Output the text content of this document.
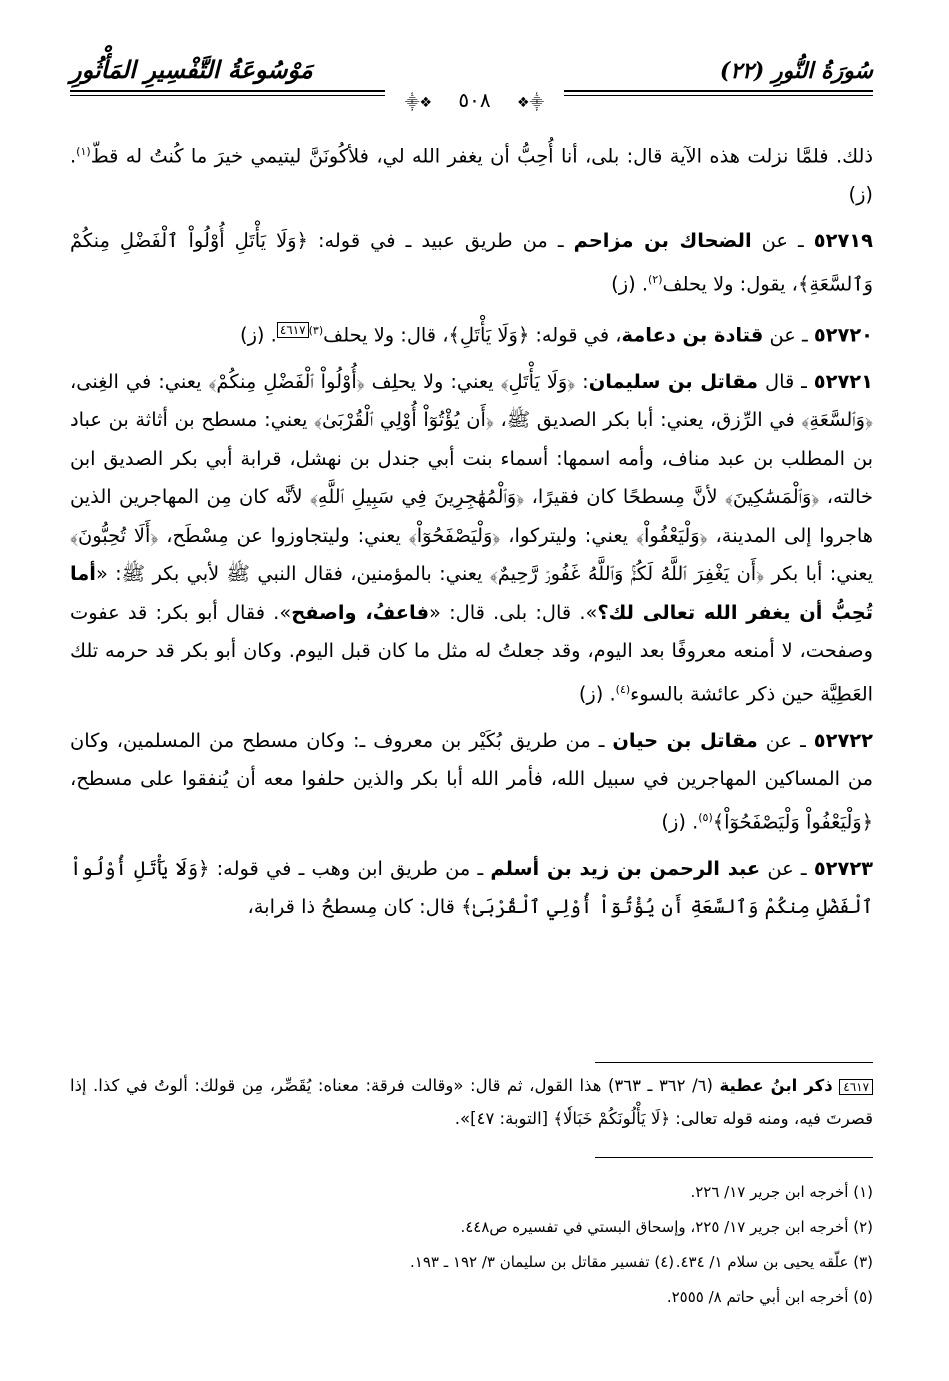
سُورَةُ النُّورِ (٢٢)
مَوْسُوعَةُ التَّفْسِيرِ المَأْثُورِ
⸎❖ ٥٠٨ ❖⸎

ذلك. فلمَّا نزلت هذه الآية قال: بلى، أنا أُحِبُّ أن يغفر الله لي، فلأكُونَنَّ ليتيمي خيرَ ما كُنتُ له قطّ$^{(١)}$. (ز)

٥٢٧١٩ ـ عن الضحاك بن مزاحم ـ من طريق عبيد ـ في قوله: ﴿وَلَا يَأْتَلِ أُوْلُواْ ٱلْفَضْلِ مِنكُمْ وَٱلسَّعَةِ﴾، يقول: ولا يحلف$^{(٢)}$. (ز)

٥٢٧٢٠ ـ عن قتادة بن دعامة، في قوله: ﴿وَلَا يَأْتَلِ﴾، قال: ولا يحلف$^{(٣)٤٦١٧}$. (ز)

٥٢٧٢١ ـ قال مقاتل بن سليمان: ﴿وَلَا يَأْتَلِ﴾ يعني: ولا يحلِف ﴿أُوْلُواْ ٱلْفَضْلِ مِنكُمْ﴾ يعني: في الغِنى، ﴿وَٱلسَّعَةِ﴾ في الرِّزق، يعني: أبا بكر الصديق ﷺ، ﴿أَن يُؤْتُوٓاْ أُوْلِي ٱلْقُرْبَىٰ﴾ يعني: مسطح بن أثاثة بن عباد بن المطلب بن عبد مناف، وأمه اسمها: أسماء بنت أبي جندل بن نهشل، قرابة أبي بكر الصديق ابن خالته، ﴿وَٱلْمَسَٰكِينَ﴾ لأنَّ مِسطحًا كان فقيرًا، ﴿وَٱلْمُهَٰجِرِينَ فِي سَبِيلِ ٱللَّهِ﴾ لأنَّه كان مِن المهاجرين الذين هاجروا إلى المدينة، ﴿وَلْيَعْفُواْ﴾ يعني: وليتركوا، ﴿وَلْيَصْفَحُوٓاْ﴾ يعني: وليتجاوزوا عن مِسْطَح، ﴿أَلَا تُحِبُّونَ﴾ يعني: أبا بكر ﴿أَن يَغْفِرَ ٱللَّهُ لَكُمْۚ وَٱللَّهُ غَفُورٞ رَّحِيمٌ﴾ يعني: بالمؤمنين، فقال النبي ﷺ لأبي بكر ﷺ: «أما تُحِبُّ أن يغفر الله تعالى لك؟». قال: بلى. قال: «فاعفُ، واصفح». فقال أبو بكر: قد عفوت وصفحت، لا أمنعه معروفًا بعد اليوم، وقد جعلتُ له مثل ما كان قبل اليوم. وكان أبو بكر قد حرمه تلك العَطِيَّة حين ذكر عائشة بالسوء$^{(٤)}$. (ز)

٥٢٧٢٢ ـ عن مقاتل بن حيان ـ من طريق بُكَيْر بن معروف ـ: وكان مسطح من المسلمين، وكان من المساكين المهاجرين في سبيل الله، فأمر الله أبا بكر والذين حلفوا معه أن يُنفقوا على مسطح، ﴿وَلْيَعْفُواْ وَلْيَصْفَحُوٓاْ﴾$^{(٥)}$. (ز)

٥٢٧٢٣ ـ عن عبد الرحمن بن زيد بن أسلم ـ من طريق ابن وهب ـ في قوله: ﴿وَلَا يَأْتَلِ أُوْلُواْ ٱلْفَضْلِ مِنكُمْ وَٱلسَّعَةِ أَن يُؤْتُوٓاْ أُوْلِي ٱلْقُرْبَىٰ﴾ قال: كان مِسطحُ ذا قرابة،

٤٦١٧ ذكر ابنُ عطية (٦/ ٣٦٢ ـ ٣٦٣) هذا القول، ثم قال: «وقالت فرقة: معناه: يُقَصِّر، مِن قولك: ألوتُ في كذا. إذا قصرتَ فيه، ومنه قوله تعالى: ﴿لَا يَأْلُونَكُمْ خَبَالٗا﴾ [التوبة: ٤٧]».
(١) أخرجه ابن جرير ١٧/ ٢٢٦.
(٢) أخرجه ابن جرير ١٧/ ٢٢٥، وإسحاق البستي في تفسيره ص٤٤٨.
(٣) علّقه يحيى بن سلام ١/ ٤٣٤.
(٤) تفسير مقاتل بن سليمان ٣/ ١٩٢ ـ ١٩٣.
(٥) أخرجه ابن أبي حاتم ٨/ ٢٥٥٥.
